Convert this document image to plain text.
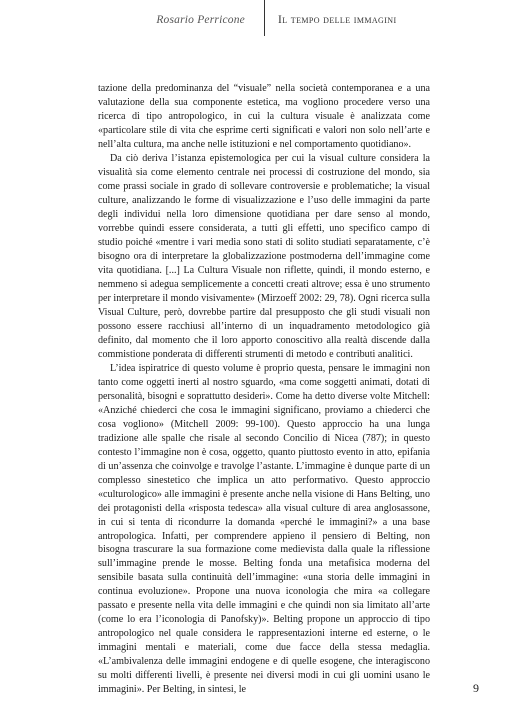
Rosario Perricone	Il tempo delle immagini

tazione della predominanza del “visuale” nella società contemporanea e a una valutazione della sua componente estetica, ma vogliono procedere verso una ricerca di tipo antropologico, in cui la cultura visuale è analizzata come «particolare stile di vita che esprime certi significati e valori non solo nell’arte e nell’alta cultura, ma anche nelle istituzioni e nel comportamento quotidiano».

Da ciò deriva l’istanza epistemologica per cui la visual culture considera la visualità sia come elemento centrale nei processi di costruzione del mondo, sia come prassi sociale in grado di sollevare controversie e problematiche; la visual culture, analizzando le forme di visualizzazione e l’uso delle immagini da parte degli individui nella loro dimensione quotidiana per dare senso al mondo, vorrebbe quindi essere considerata, a tutti gli effetti, uno specifico campo di studio poiché «mentre i vari media sono stati di solito studiati separatamente, c’è bisogno ora di interpretare la globalizzazione postmoderna dell’immagine come vita quotidiana. [...] La Cultura Visuale non riflette, quindi, il mondo esterno, e nemmeno si adegua semplicemente a concetti creati altrove; essa è uno strumento per interpretare il mondo visivamente» (Mirzoeff 2002: 29, 78). Ogni ricerca sulla Visual Culture, però, dovrebbe partire dal presupposto che gli studi visuali non possono essere racchiusi all’interno di un inquadramento metodologico già definito, dal momento che il loro apporto conoscitivo alla realtà discende dalla commistione ponderata di differenti strumenti di metodo e contributi analitici.

L’idea ispiratrice di questo volume è proprio questa, pensare le immagini non tanto come oggetti inerti al nostro sguardo, «ma come soggetti animati, dotati di personalità, bisogni e soprattutto desideri». Come ha detto diverse volte Mitchell: «Anziché chiederci che cosa le immagini significano, proviamo a chiederci che cosa vogliono» (Mitchell 2009: 99-100). Questo approccio ha una lunga tradizione alle spalle che risale al secondo Concilio di Nicea (787); in questo contesto l’immagine non è cosa, oggetto, quanto piuttosto evento in atto, epifania di un’assenza che coinvolge e travolge l’astante. L’immagine è dunque parte di un complesso sinestetico che implica un atto performativo. Questo approccio «culturologico» alle immagini è presente anche nella visione di Hans Belting, uno dei protagonisti della «risposta tedesca» alla visual culture di area anglosassone, in cui si tenta di ricondurre la domanda «perché le immagini?» a una base antropologica. Infatti, per comprendere appieno il pensiero di Belting, non bisogna trascurare la sua formazione come medievista dalla quale la riflessione sull’immagine prende le mosse. Belting fonda una metafisica moderna del sensibile basata sulla continuità dell’immagine: «una storia delle immagini in continua evoluzione». Propone una nuova iconologia che mira «a collegare passato e presente nella vita delle immagini e che quindi non sia limitato all’arte (come lo era l’iconologia di Panofsky)». Belting propone un approccio di tipo antropologico nel quale considera le rappresentazioni interne ed esterne, o le immagini mentali e materiali, come due facce della stessa medaglia. «L’ambivalenza delle immagini endogene e di quelle esogene, che interagiscono su molti differenti livelli, è presente nei diversi modi in cui gli uomini usano le immagini». Per Belting, in sintesi, le	9
